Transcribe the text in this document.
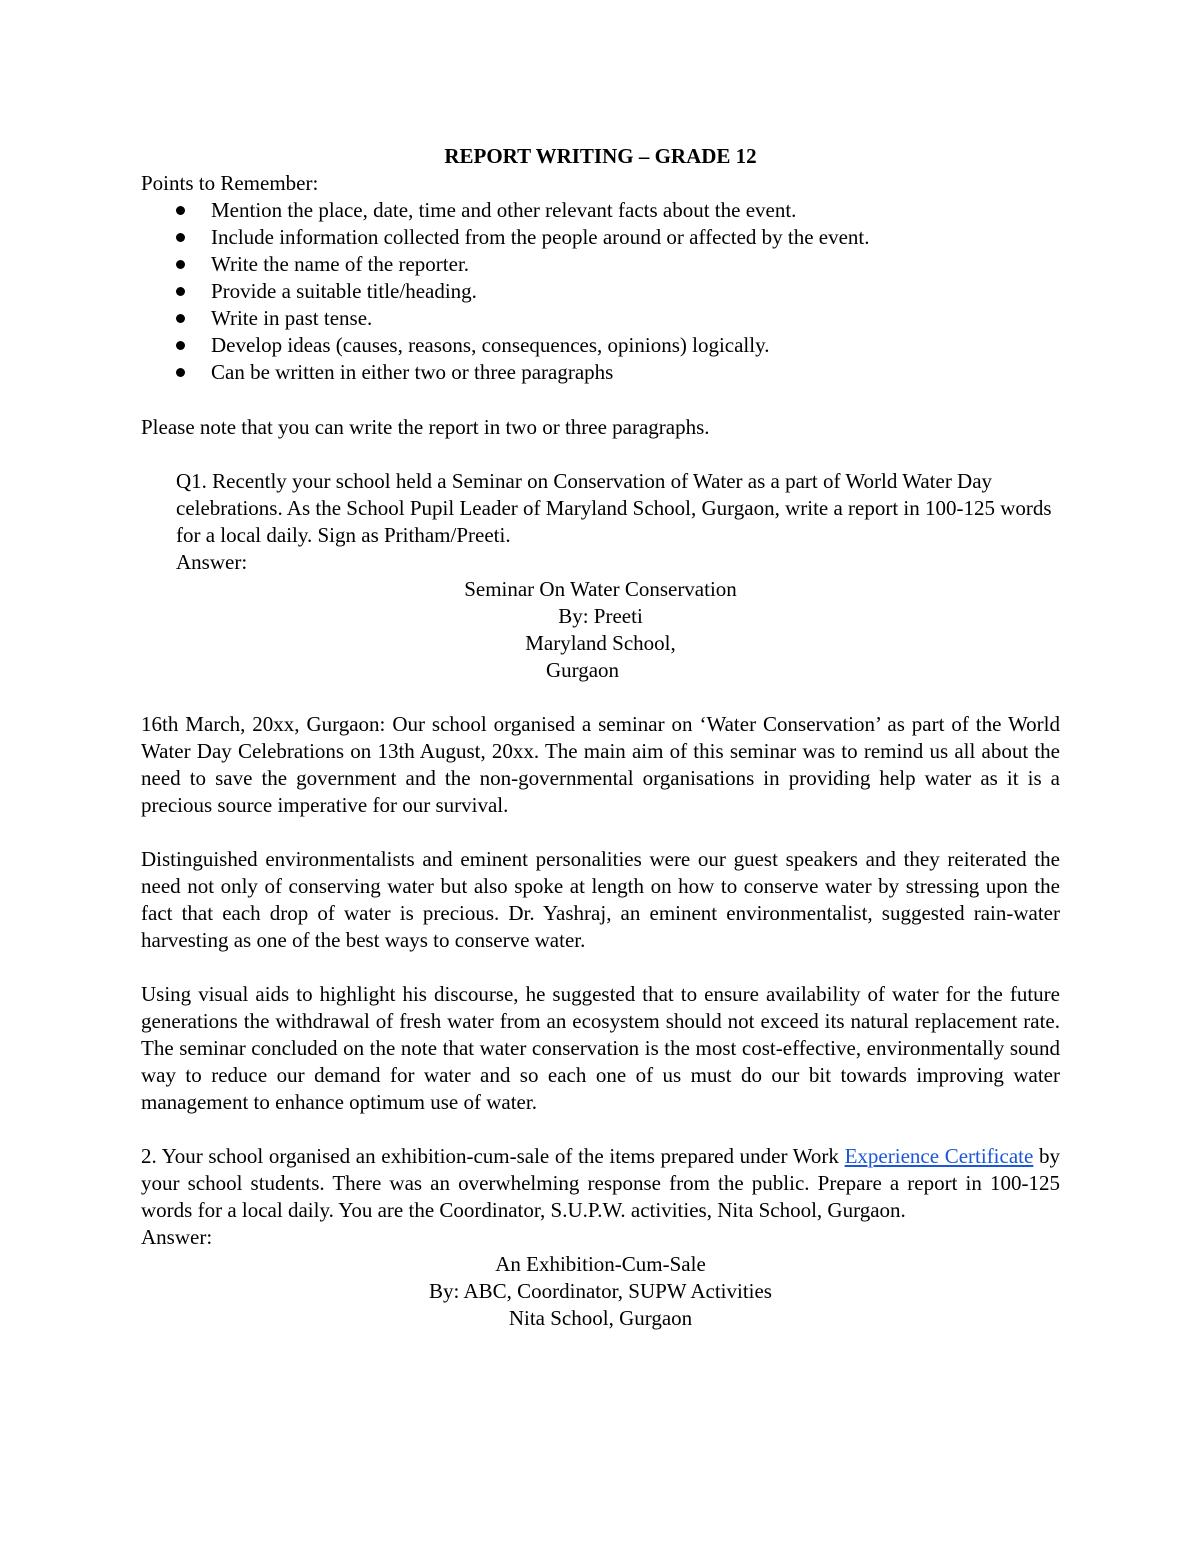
REPORT WRITING – GRADE 12
Points to Remember:
Mention the place, date, time and other relevant facts about the event.
Include information collected from the people around or affected by the event.
Write the name of the reporter.
Provide a suitable title/heading.
Write in past tense.
Develop ideas (causes, reasons, consequences, opinions) logically.
Can be written in either two or three paragraphs

Please note that you can write the report in two or three paragraphs.

Q1. Recently your school held a Seminar on Conservation of Water as a part of World Water Day celebrations. As the School Pupil Leader of Maryland School, Gurgaon, write a report in 100-125 words for a local daily. Sign as Pritham/Preeti.

Answer:

Seminar On Water Conservation
By: Preeti
Maryland School,
Gurgaon

16th March, 20xx, Gurgaon: Our school organised a seminar on ‘Water Conservation’ as part of the World Water Day Celebrations on 13th August, 20xx. The main aim of this seminar was to remind us all about the need to save the government and the non-governmental organisations in providing help water as it is a precious source imperative for our survival.

Distinguished environmentalists and eminent personalities were our guest speakers and they reiterated the need not only of conserving water but also spoke at length on how to conserve water by stressing upon the fact that each drop of water is precious. Dr. Yashraj, an eminent environmentalist, suggested rain-water harvesting as one of the best ways to conserve water.

Using visual aids to highlight his discourse, he suggested that to ensure availability of water for the future generations the withdrawal of fresh water from an ecosystem should not exceed its natural replacement rate. The seminar concluded on the note that water conservation is the most cost-effective, environmentally sound way to reduce our demand for water and so each one of us must do our bit towards improving water management to enhance optimum use of water.

2. Your school organised an exhibition-cum-sale of the items prepared under Work Experience Certificate by your school students. There was an overwhelming response from the public. Prepare a report in 100-125 words for a local daily. You are the Coordinator, S.U.P.W. activities, Nita School, Gurgaon.

Answer:

An Exhibition-Cum-Sale
By: ABC, Coordinator, SUPW Activities
Nita School, Gurgaon
